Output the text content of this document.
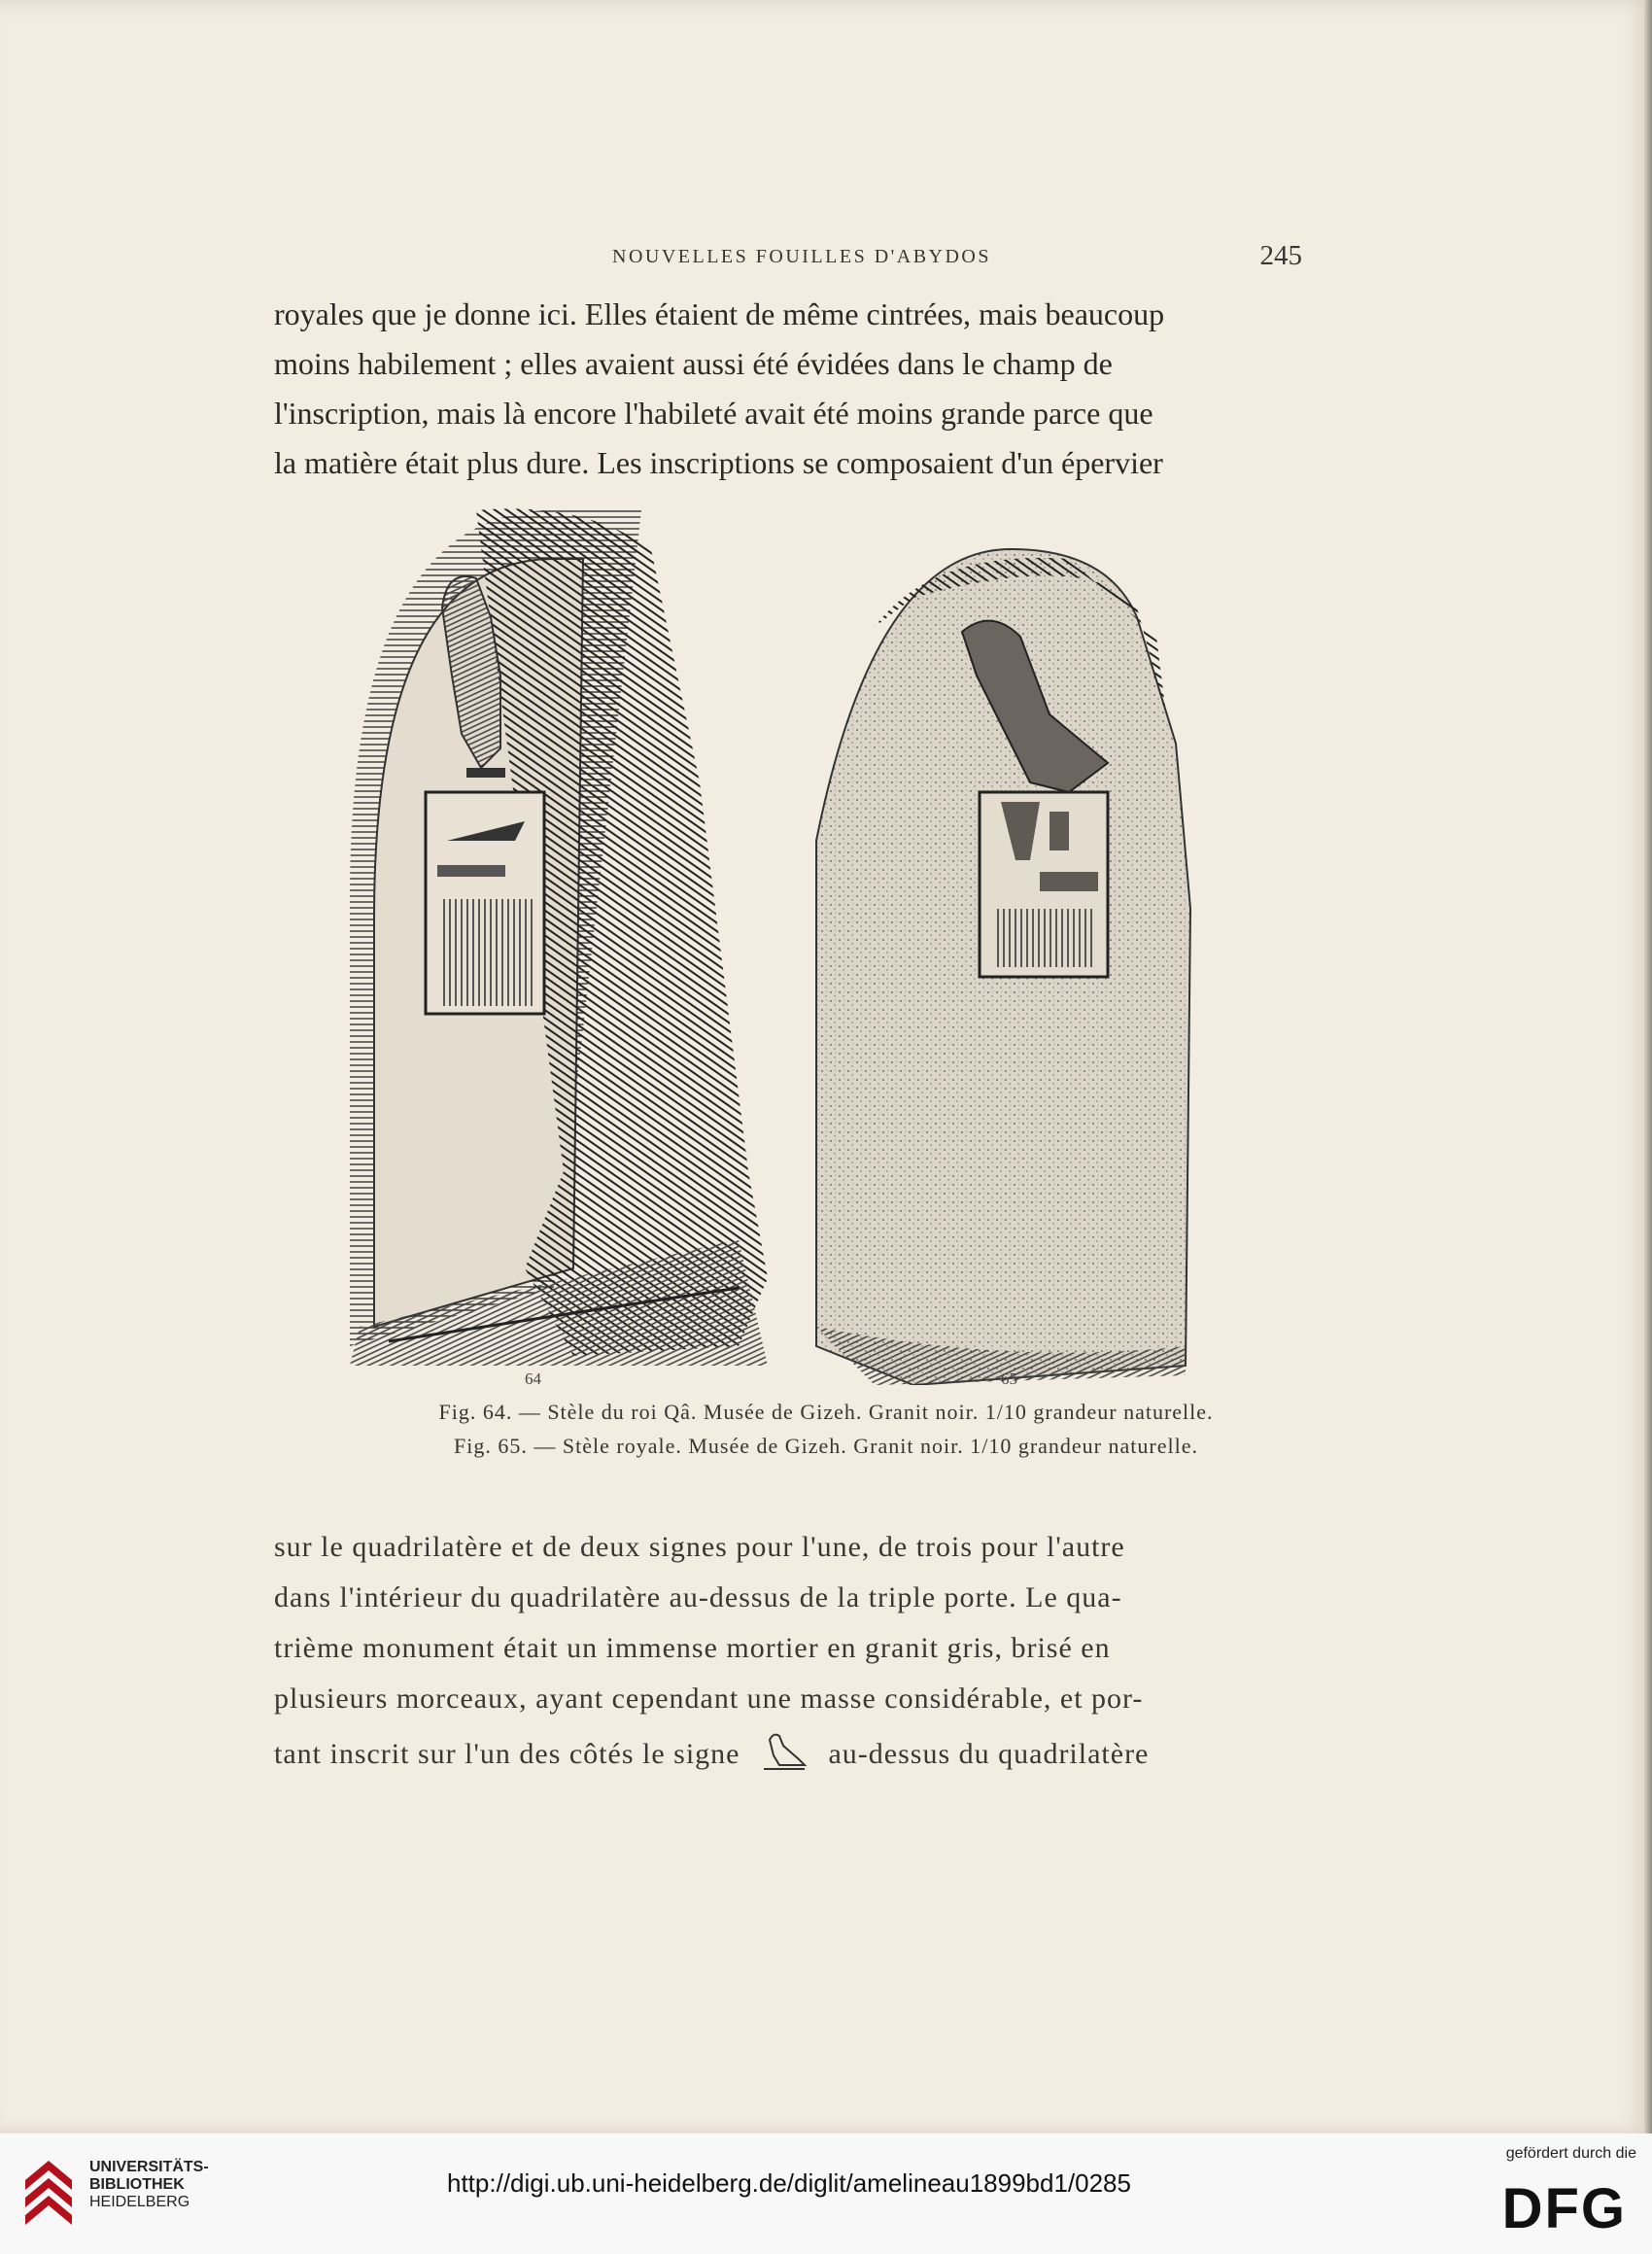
NOUVELLES FOUILLES D'ABYDOS	245

royales que je donne ici. Elles étaient de même cintrées, mais beaucoup
moins habilement ; elles avaient aussi été évidées dans le champ de
l'inscription, mais là encore l'habileté avait été moins grande parce que
la matière était plus dure. Les inscriptions se composaient d'un épervier

64	65
Fig. 64. — Stèle du roi Qâ. Musée de Gizeh. Granit noir. 1/10 grandeur naturelle.
Fig. 65. — Stèle royale. Musée de Gizeh. Granit noir. 1/10 grandeur naturelle.

sur le quadrilatère et de deux signes pour l'une, de trois pour l'autre
dans l'intérieur du quadrilatère au-dessus de la triple porte. Le qua-
trième monument était un immense mortier en granit gris, brisé en
plusieurs morceaux, ayant cependant une masse considérable, et por-

tant inscrit sur l'un des côtés le signe	au-dessus du quadrilatère
UNIVERSITÄTS-
BIBLIOTHEK
HEIDELBERG
http://digi.ub.uni-heidelberg.de/diglit/amelineau1899bd1/0285
gefördert durch die
DFG
